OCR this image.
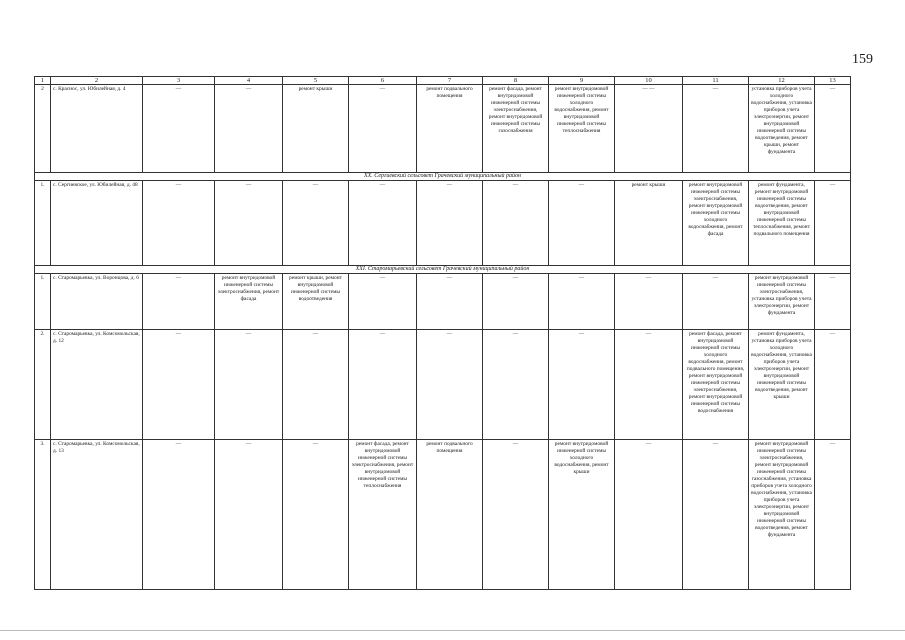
159
1	2	3	4	5	6	7	8	9	10	11	12	13
2	с. Краснос, ул. Юбилейная, д. 4	—	—	ремонт крыши	—	ремонт подвального помещения	ремонт фасада, ремонт внутридомовой инженерной системы электроснабжения, ремонт внутридомовой инженерной системы газоснабжения	ремонт внутридомовой инженерной системы холодного водоснабжения, ремонт внутридомовой инженерной системы теплоснабжения	— —	—	установка приборов учета холодного водоснабжения, установка приборов учета электроэнергии, ремонт внутридомовой инженерной системы водоотведения, ремонт крыши, ремонт фундамента	—
XX. Сергиевский сельсовет Грачевский муниципальный район												
1.	с. Сергиевское, ул. Юбилейная, д. 48	—	—	—	—	—	—	—	ремонт крыши	ремонт внутридомовой инженерной системы электроснабжения, ремонт внутридомовой инженерной системы холодного водоснабжения, ремонт фасада	ремонт фундамента, ремонт внутридомовой инженерной системы водоотведения, ремонт внутридомовой инженерной системы теплоснабжения, ремонт подвального помещения	—
XXI. Старомарьевский сельсовет Грачевский муниципальный район												
1.	с. Старомарьевка, ул. Воронцова, д. 6	—	ремонт внутридомовой инженерной системы электроснабжения, ремонт фасада	ремонт крыши, ремонт внутридомовой инженерной системы водоотведения	—	—	—	—	—	—	ремонт внутридомовой инженерной системы электроснабжения, установка приборов учета электроэнергии, ремонт фундамента	—
2.	с. Старомарьевка, ул. Комсомольская, д. 12	—	—	—	—	—	—	—	—	ремонт фасада, ремонт внутридомовой инженерной системы холодного водоснабжения, ремонт подвального помещения, ремонт внутридомовой инженерной системы электроснабжения, ремонт внутридомовой инженерной системы водоснабжения	ремонт фундамента, установка приборов учета холодного водоснабжения, установка приборов учета электроэнергии, ремонт внутридомовой инженерной системы водоотведения, ремонт крыши	—
3.	с. Старомарьевка, ул. Комсомольская, д. 13	—	—	—	ремонт фасада, ремонт внутридомовой инженерной системы электроснабжения, ремонт внутридомовой инженерной системы теплоснабжения	ремонт подвального помещения	—	ремонт внутридомовой инженерной системы холодного водоснабжения, ремонт крыши	—	—	ремонт внутридомовой инженерной системы электроснабжения, ремонт внутридомовой инженерной системы газоснабжения, установка приборов учета холодного водоснабжения, установка приборов учета электроэнергии, ремонт внутридомовой инженерной системы водоотведения, ремонт фундамента	—
